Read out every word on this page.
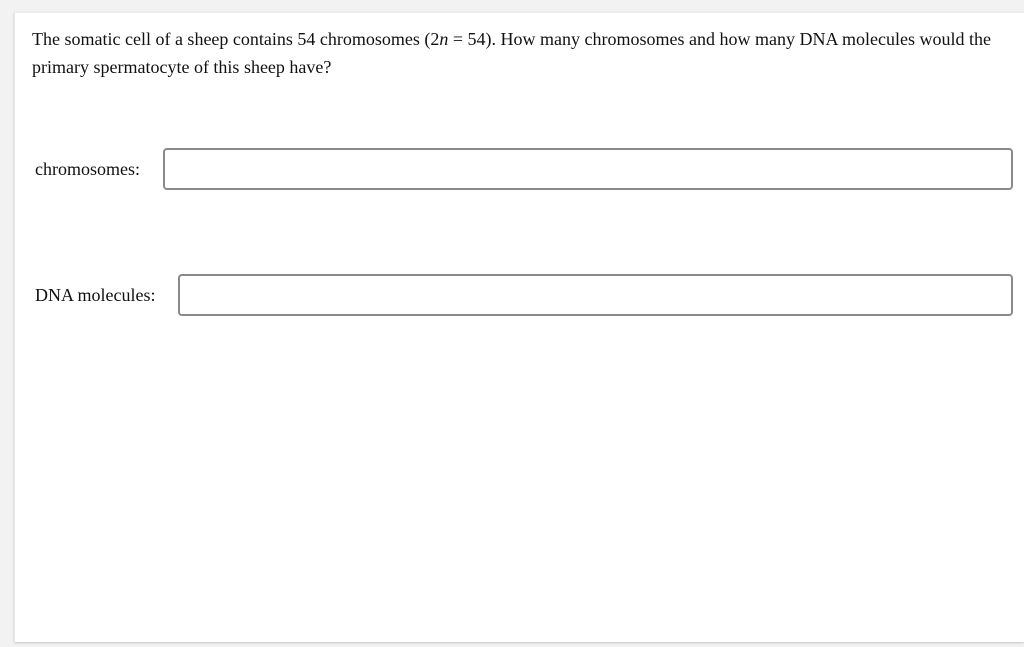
The somatic cell of a sheep contains 54 chromosomes (2n = 54). How many chromosomes and how many DNA molecules would the primary spermatocyte of this sheep have?

chromosomes:
DNA molecules:
